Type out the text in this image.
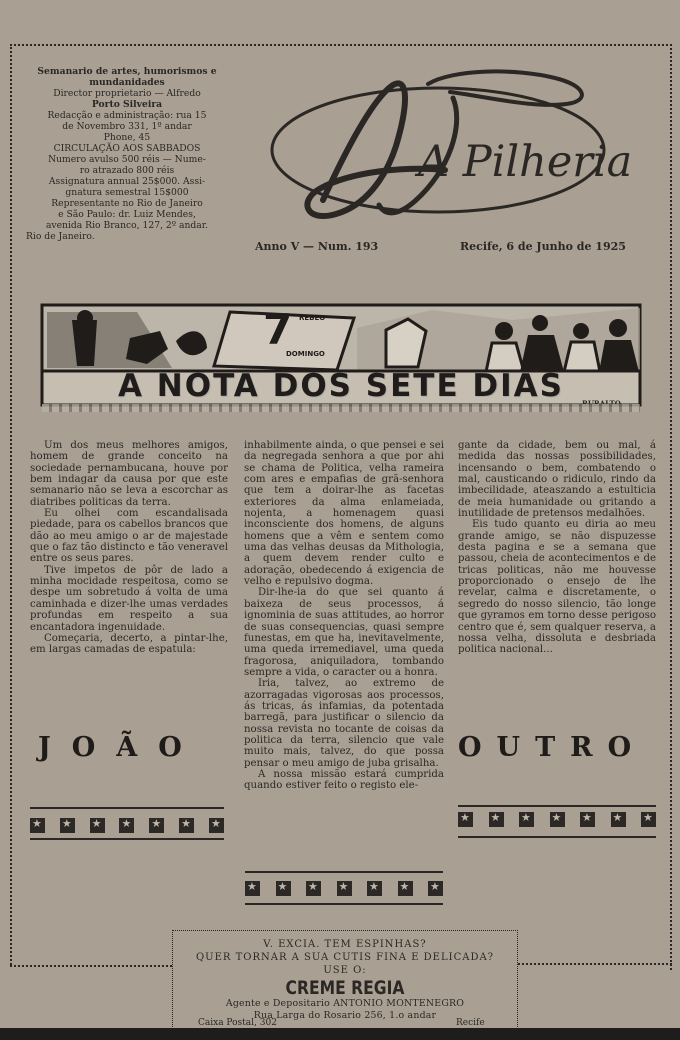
Semanario de artes, humorismos e
mundanidades
Director proprietario — Alfredo
Porto Silveira
Redacção e administração: rua 15
de Novembro 331, 1º andar
Phone, 45
CIRCULAÇÃO AOS SABBADOS
Numero avulso 500 réis — Nume-
ro atrazado 800 réis
Assignatura annual 25$000. Assi-
gnatura semestral 15$000
Representante no Rio de Janeiro
e São Paulo: dr. Luiz Mendes,
avenida Rio Branco, 127, 2º andar.
Rio de Janeiro.
A Pilheria
Anno V — Num. 193	Recife, 6 de Junho de 1925
7 REBEO
DOMINGO
A NOTA DOS SETE DIAS

Um dos meus melhores amigos, homem de grande conceito na sociedade pernambucana, houve por bem indagar da causa por que este semanario não se leva a escorchar as diatribes politicas da terra.

Eu olhei com escandalisada piedade, para os cabellos brancos que dão ao meu amigo o ar de majestade que o faz tão distincto e tão veneravel entre os seus pares.

Tive impetos de pôr de lado a minha mocidade respeitosa, como se despe um sobretudo á volta de uma caminhada e dizer-lhe umas verdades profundas em respeito a sua encantadora ingenuidade.

Começaria, decerto, a pintar-lhe, em largas camadas de espatula:

inhabilmente ainda, o que pensei e sei da negregada senhora a que por ahi se chama de Politica, velha rameira com ares e empafias de grã-senhora que tem a doirar-lhe as facetas exteriores da alma enlameiada, nojenta, a homenagem quasi inconsciente dos homens, de alguns homens que a vêm e sentem como uma das velhas deusas da Mithologia, a quem devem render culto e adoração, obedecendo á exigencia de velho e repulsivo dogma.

Dir-lhe-ia do que sei quanto á baixeza de seus processos, á ignominia de suas attitudes, ao horror de suas consequencias, quasi sempre funestas, em que ha, inevitavelmente, uma queda irremediavel, uma queda fragorosa, aniquiladora, tombando sempre a vida, o caracter ou a honra.

Iria, talvez, ao extremo de azorragadas vigorosas aos processos, ás tricas, ás infamias, da potentada barregã, para justificar o silencio da nossa revista no tocante de coisas da politica da terra, silencio que vale muito mais, talvez, do que possa pensar o meu amigo de juba grisalha.

A nossa missão estará cumprida quando estiver feito o registo ele-

gante da cidade, bem ou mal, á medida das nossas possibilidades, incensando o bem, combatendo o mal, causticando o ridiculo, rindo da imbecilidade, ateaszando a estulticia de meia humanidade ou gritando a inutilidade de pretensos medalhões.

Eis tudo quanto eu diria ao meu grande amigo, se não dispuzesse desta pagina e se a semana que passou, cheia de acontecimentos e de tricas politicas, não me houvesse proporcionado o ensejo de lhe revelar, calma e discretamente, o segredo do nosso silencio, tão longe que gyramos em torno desse perigoso centro que é, sem qualquer reserva, a nossa velha, dissoluta e desbriada politica nacional...

JOÃO	OUTRO
★
★
★
★
★
★
★
★
★
★
★
★
★
★
★
★
★
★
★
★
★
V. EXCIA. TEM ESPINHAS?
QUER TORNAR A SUA CUTIS FINA E DELICADA?
USE O:
CREME REGIA
Agente e Depositario ANTONIO MONTENEGRO
Rua Larga do Rosario 256, 1.o andar
Caixa Postal, 302	Recife
